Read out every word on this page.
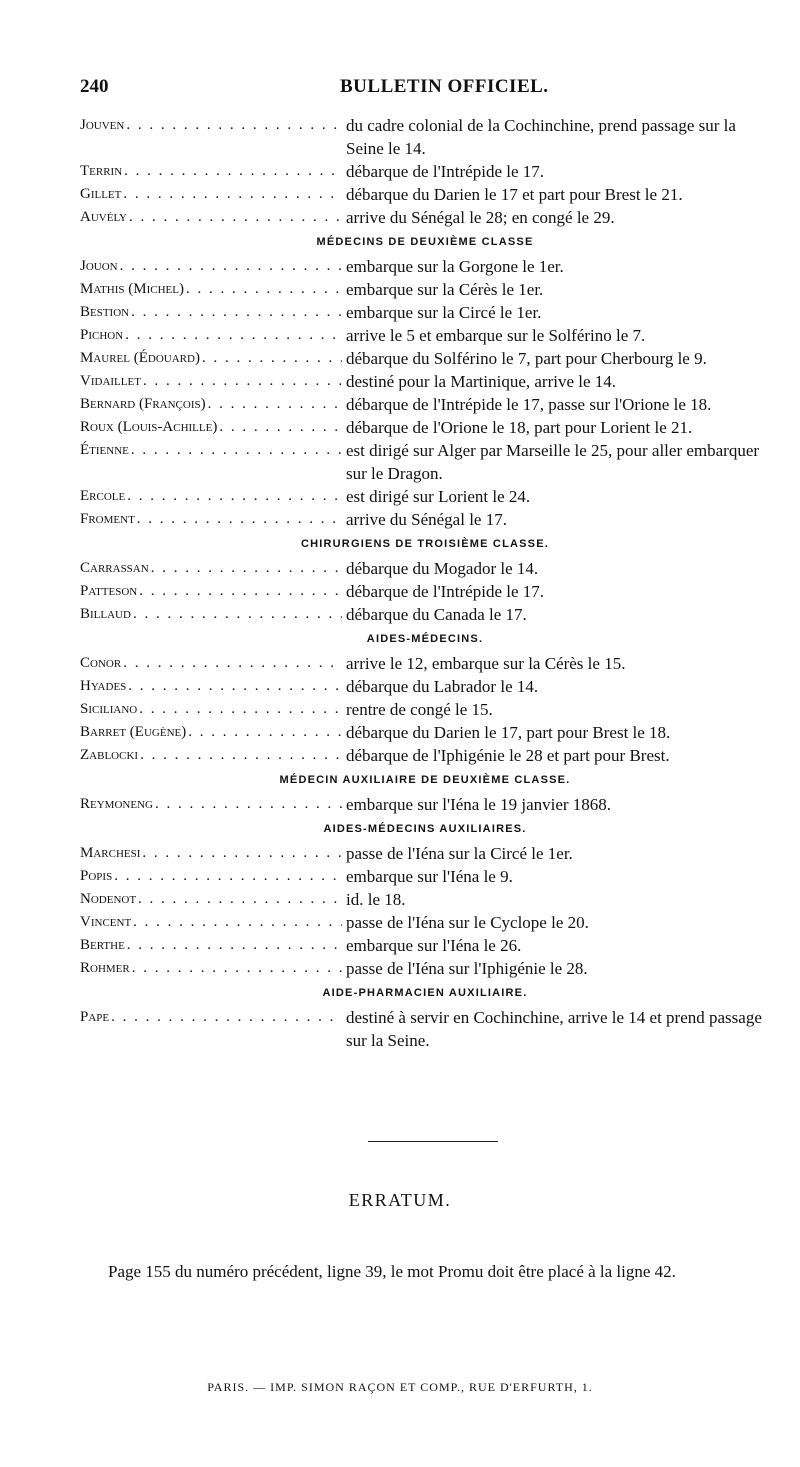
240	BULLETIN OFFICIEL.
Jouven . . .	du cadre colonial de la Cochinchine, prend passage sur la Seine le 14.
Terrin . . .	débarque de l'Intrépide le 17.
Gillet . . .	débarque du Darien le 17 et part pour Brest le 21.
Auvély . . .	arrive du Sénégal le 28; en congé le 29.
MÉDECINS DE DEUXIÈME CLASSE
Jouon . . .	embarque sur la Gorgone le 1er.
Mathis (Michel) . . .	embarque sur la Cérès le 1er.
Bestion . . .	embarque sur la Circé le 1er.
Pichon . . .	arrive le 5 et embarque sur le Solférino le 7.
Maurel (Édouard) . . .	débarque du Solférino le 7, part pour Cherbourg le 9.
Vidaillet . . .	destiné pour la Martinique, arrive le 14.
Bernard (François) . . .	débarque de l'Intrépide le 17, passe sur l'Orione le 18.
Roux (Louis-Achille) . . .	débarque de l'Orione le 18, part pour Lorient le 21.
Étienne . . .	est dirigé sur Alger par Marseille le 25, pour aller embarquer sur le Dragon.
Ercole . . .	est dirigé sur Lorient le 24.
Froment . . .	arrive du Sénégal le 17.
CHIRURGIENS DE TROISIÈME CLASSE.
Carrassan . . .	débarque du Mogador le 14.
Patteson . . .	débarque de l'Intrépide le 17.
Billaud . . .	débarque du Canada le 17.
AIDES-MÉDECINS.
Conor . . .	arrive le 12, embarque sur la Cérès le 15.
Hyades . . .	débarque du Labrador le 14.
Siciliano . . .	rentre de congé le 15.
Barret (Eugène) . . .	débarque du Darien le 17, part pour Brest le 18.
Zablocki . . .	débarque de l'Iphigénie le 28 et part pour Brest.
MÉDECIN AUXILIAIRE DE DEUXIÈME CLASSE.
Reymoneng . . .	embarque sur l'Iéna le 19 janvier 1868.
AIDES-MÉDECINS AUXILIAIRES.
Marchesi . . .	passe de l'Iéna sur la Circé le 1er.
Popis . . .	embarque sur l'Iéna le 9.
Nodenot . . .	id. le 18.
Vincent . . .	passe de l'Iéna sur le Cyclope le 20.
Berthe . . .	embarque sur l'Iéna le 26.
Rohmer . . .	passe de l'Iéna sur l'Iphigénie le 28.
AIDE-PHARMACIEN AUXILIAIRE.
Pape . . .	destiné à servir en Cochinchine, arrive le 14 et prend passage sur la Seine.
ERRATUM.
Page 155 du numéro précédent, ligne 39, le mot Promu doit être placé à la ligne 42.
PARIS. — IMP. SIMON RAÇON ET COMP., RUE D'ERFURTH, 1.
